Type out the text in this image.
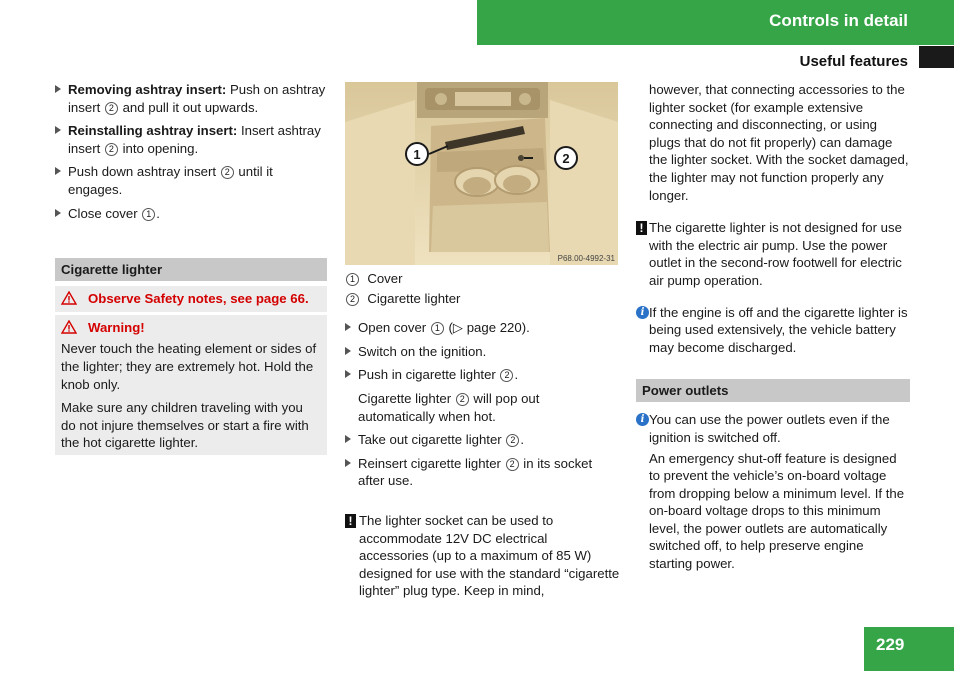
Controls in detail
Useful features
Removing ashtray insert: Push on ashtray insert 2 and pull it out upwards.
Reinstalling ashtray insert: Insert ashtray insert 2 into opening.
Push down ashtray insert 2 until it engages.
Close cover 1 .
Cigarette lighter
Observe Safety notes, see page 66.
Warning!
Never touch the heating element or sides of the lighter; they are extremely hot. Hold the knob only.
Make sure any children traveling with you do not injure themselves or start a fire with the hot cigarette lighter.
1	2
P68.00-4992-31
1 Cover
2 Cigarette lighter
Open cover 1 (▷ page 220).
Switch on the ignition.
Push in cigarette lighter 2 .
Cigarette lighter 2 will pop out automatically when hot.
Take out cigarette lighter 2 .
Reinsert cigarette lighter 2 in its socket after use.
! The lighter socket can be used to accommodate 12V DC electrical accessories (up to a maximum of 85 W) designed for use with the standard “cigarette lighter” plug type. Keep in mind,
however, that connecting accessories to the lighter socket (for example extensive connecting and disconnecting, or using plugs that do not fit properly) can damage the lighter socket. With the socket damaged, the lighter may not function properly any longer.
! The cigarette lighter is not designed for use with the electric air pump. Use the power outlet in the second-row footwell for electric air pump operation.
i If the engine is off and the cigarette lighter is being used extensively, the vehicle battery may become discharged.
Power outlets
i You can use the power outlets even if the ignition is switched off.
An emergency shut-off feature is designed to prevent the vehicle’s on-board voltage from dropping below a minimum level. If the on-board voltage drops to this minimum level, the power outlets are automatically switched off, to help preserve engine starting power.
229
